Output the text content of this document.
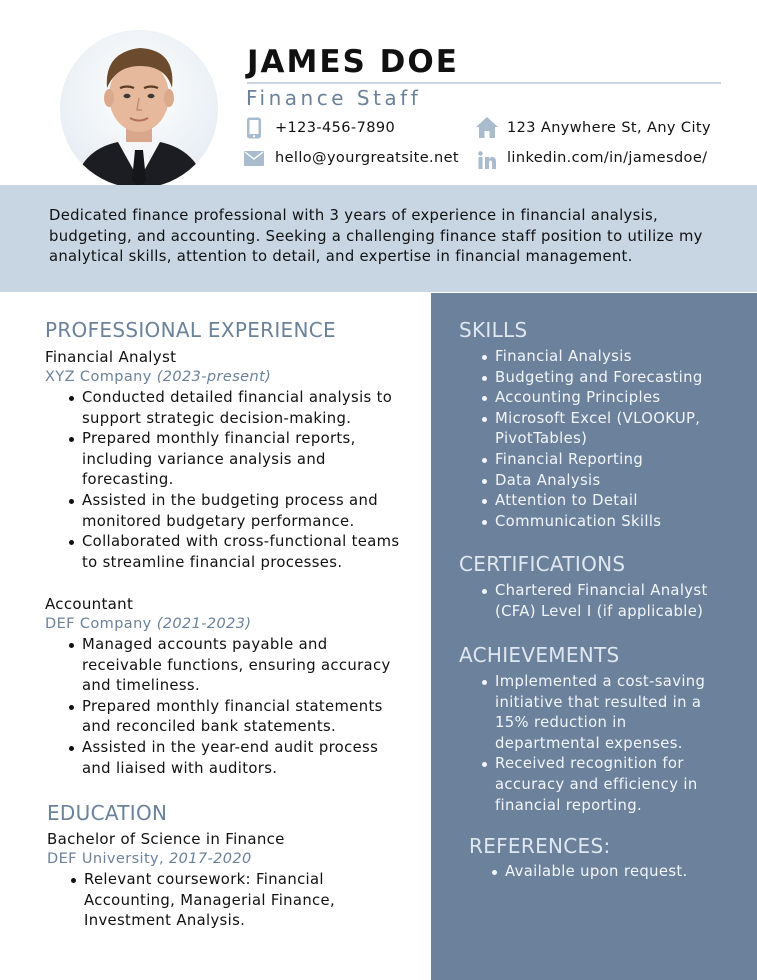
JAMES DOE
Finance Staff
+123-456-7890
hello@yourgreatsite.net
123 Anywhere St, Any City
linkedin.com/in/jamesdoe/

Dedicated finance professional with 3 years of experience in financial analysis, budgeting, and accounting. Seeking a challenging finance staff position to utilize my analytical skills, attention to detail, and expertise in financial management.

PROFESSIONAL EXPERIENCE
Financial Analyst
XYZ Company (2023-present)
Conducted detailed financial analysis to support strategic decision-making.
Prepared monthly financial reports, including variance analysis and forecasting.
Assisted in the budgeting process and monitored budgetary performance.
Collaborated with cross-functional teams to streamline financial processes.
Accountant
DEF Company (2021-2023)
Managed accounts payable and receivable functions, ensuring accuracy and timeliness.
Prepared monthly financial statements and reconciled bank statements.
Assisted in the year-end audit process and liaised with auditors.
EDUCATION
Bachelor of Science in Finance
DEF University, 2017-2020
Relevant coursework: Financial Accounting, Managerial Finance, Investment Analysis.
SKILLS
Financial Analysis
Budgeting and Forecasting
Accounting Principles
Microsoft Excel (VLOOKUP, PivotTables)
Financial Reporting
Data Analysis
Attention to Detail
Communication Skills
CERTIFICATIONS
Chartered Financial Analyst (CFA) Level I (if applicable)
ACHIEVEMENTS
Implemented a cost-saving initiative that resulted in a 15% reduction in departmental expenses.
Received recognition for accuracy and efficiency in financial reporting.
REFERENCES:
Available upon request.
